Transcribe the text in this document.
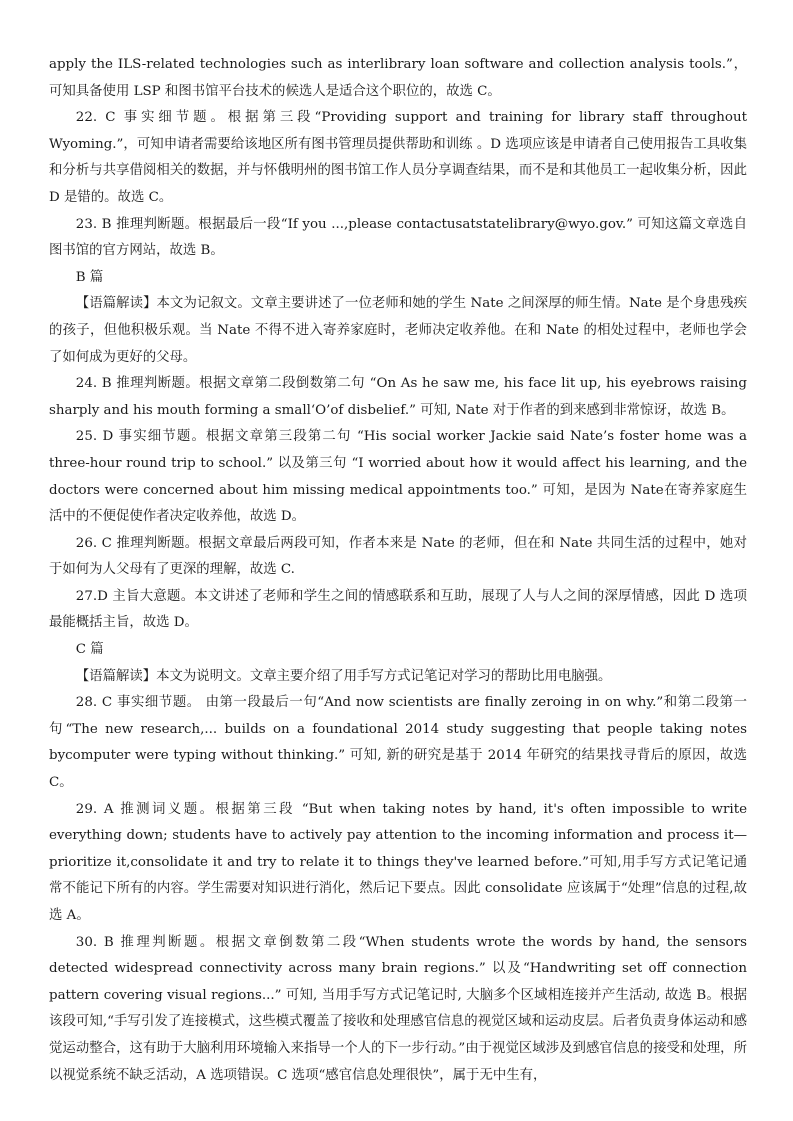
apply the ILS-related technologies such as interlibrary loan software and collection analysis tools.”，可知具备使用 LSP 和图书馆平台技术的候选人是适合这个职位的，故选 C。

22. C 事实细节题。根据第三段“Providing support and training for library staff throughout Wyoming.”，可知申请者需要给该地区所有图书管理员提供帮助和训练 。D 选项应该是申请者自己使用报告工具收集和分析与共享借阅相关的数据，并与怀俄明州的图书馆工作人员分享调查结果，而不是和其他员工一起收集分析，因此 D 是错的。故选 C。

23. B 推理判断题。根据最后一段“If you ...,please contactusatstatelibrary@wyo.gov.” 可知这篇文章选自图书馆的官方网站，故选 B。

B 篇

【语篇解读】本文为记叙文。文章主要讲述了一位老师和她的学生 Nate 之间深厚的师生情。Nate 是个身患残疾的孩子，但他积极乐观。当 Nate 不得不进入寄养家庭时，老师决定收养他。在和 Nate 的相处过程中，老师也学会了如何成为更好的父母。

24. B 推理判断题。根据文章第二段倒数第二句 “On As he saw me, his face lit up, his eyebrows raising sharply and his mouth forming a small‘O’of disbelief.” 可知, Nate 对于作者的到来感到非常惊讶，故选 B。

25. D 事实细节题。根据文章第三段第二句 “His social worker Jackie said Nate’s foster home was a three-hour round trip to school.” 以及第三句 “I worried about how it would affect his learning, and the doctors were concerned about him missing medical appointments too.” 可知，是因为 Nate在寄养家庭生活中的不便促使作者决定收养他，故选 D。

26. C 推理判断题。根据文章最后两段可知，作者本来是 Nate 的老师，但在和 Nate 共同生活的过程中，她对于如何为人父母有了更深的理解，故选 C.

27.D 主旨大意题。本文讲述了老师和学生之间的情感联系和互助，展现了人与人之间的深厚情感，因此 D 选项最能概括主旨，故选 D。

C 篇

【语篇解读】本文为说明文。文章主要介绍了用手写方式记笔记对学习的帮助比用电脑强。

28. C 事实细节题。 由第一段最后一句“And now scientists are finally zeroing in on why.”和第二段第一句“The new research,... builds on a foundational 2014 study suggesting that people taking notes bycomputer were typing without thinking.” 可知, 新的研究是基于 2014 年研究的结果找寻背后的原因，故选 C。

29. A 推测词义题。根据第三段 “But when taking notes by hand, it's often impossible to write everything down; students have to actively pay attention to the incoming information and process it—prioritize it,consolidate it and try to relate it to things they've learned before.”可知,用手写方式记笔记通常不能记下所有的内容。学生需要对知识进行消化，然后记下要点。因此 consolidate 应该属于“处理”信息的过程,故选 A。

30. B 推理判断题。根据文章倒数第二段“When students wrote the words by hand, the sensors detected widespread connectivity across many brain regions.” 以及“Handwriting set off connection pattern covering visual regions...” 可知, 当用手写方式记笔记时, 大脑多个区域相连接并产生活动, 故选 B。根据该段可知,“手写引发了连接模式，这些模式覆盖了接收和处理感官信息的视觉区域和运动皮层。后者负责身体运动和感觉运动整合，这有助于大脑利用环境输入来指导一个人的下一步行动。”由于视觉区域涉及到感官信息的接受和处理，所以视觉系统不缺乏活动，A 选项错误。C 选项“感官信息处理很快”，属于无中生有，
